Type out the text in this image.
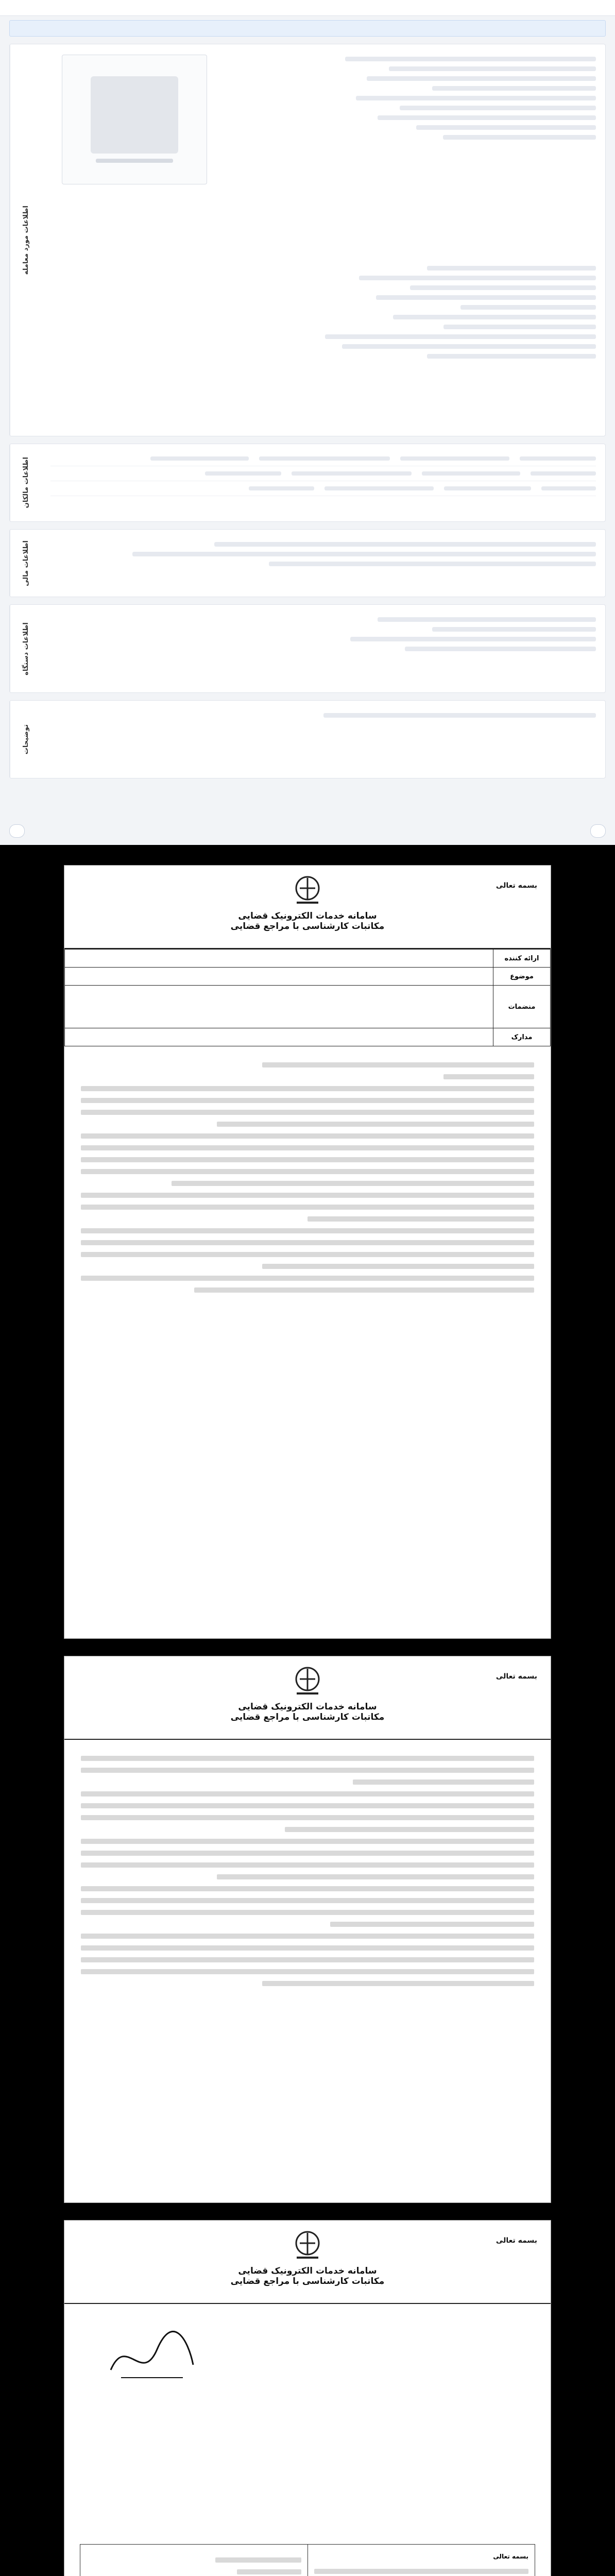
اطلاعات مورد معامله
اطلاعات مالکان
اطلاعات مالی
اطلاعات دستگاه
توضیحات
بسمه تعالی
سامانه خدمات الکترونیک قضایی
مکاتبات کارشناسی با مراجع قضایی
ارائه کننده	
موضوع	
منضمات	
مدارک	
بسمه تعالی
سامانه خدمات الکترونیک قضایی
مکاتبات کارشناسی با مراجع قضایی
بسمه تعالی
سامانه خدمات الکترونیک قضایی
مکاتبات کارشناسی با مراجع قضایی
بسمه تعالی
